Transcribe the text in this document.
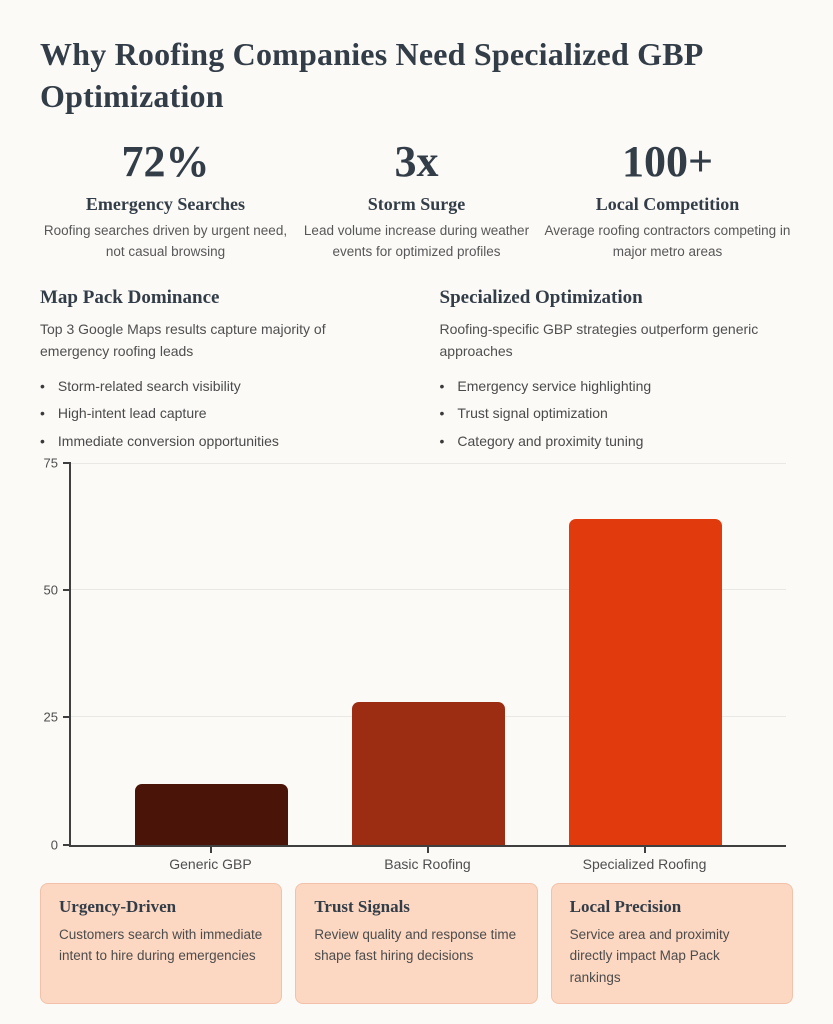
Why Roofing Companies Need Specialized GBP Optimization
72%
Emergency Searches
Roofing searches driven by urgent need, not casual browsing
3x
Storm Surge
Lead volume increase during weather events for optimized profiles
100+
Local Competition
Average roofing contractors competing in major metro areas
Map Pack Dominance

Top 3 Google Maps results capture majority of emergency roofing leads

• Storm-related search visibility
• High-intent lead capture
• Immediate conversion opportunities
Specialized Optimization

Roofing-specific GBP strategies outperform generic approaches

• Emergency service highlighting
• Trust signal optimization
• Category and proximity tuning
0
25
50
75
Generic GBP	Basic Roofing	Specialized Roofing
Urgency-Driven

Customers search with immediate intent to hire during emergencies

Trust Signals

Review quality and response time shape fast hiring decisions

Local Precision

Service area and proximity directly impact Map Pack rankings
